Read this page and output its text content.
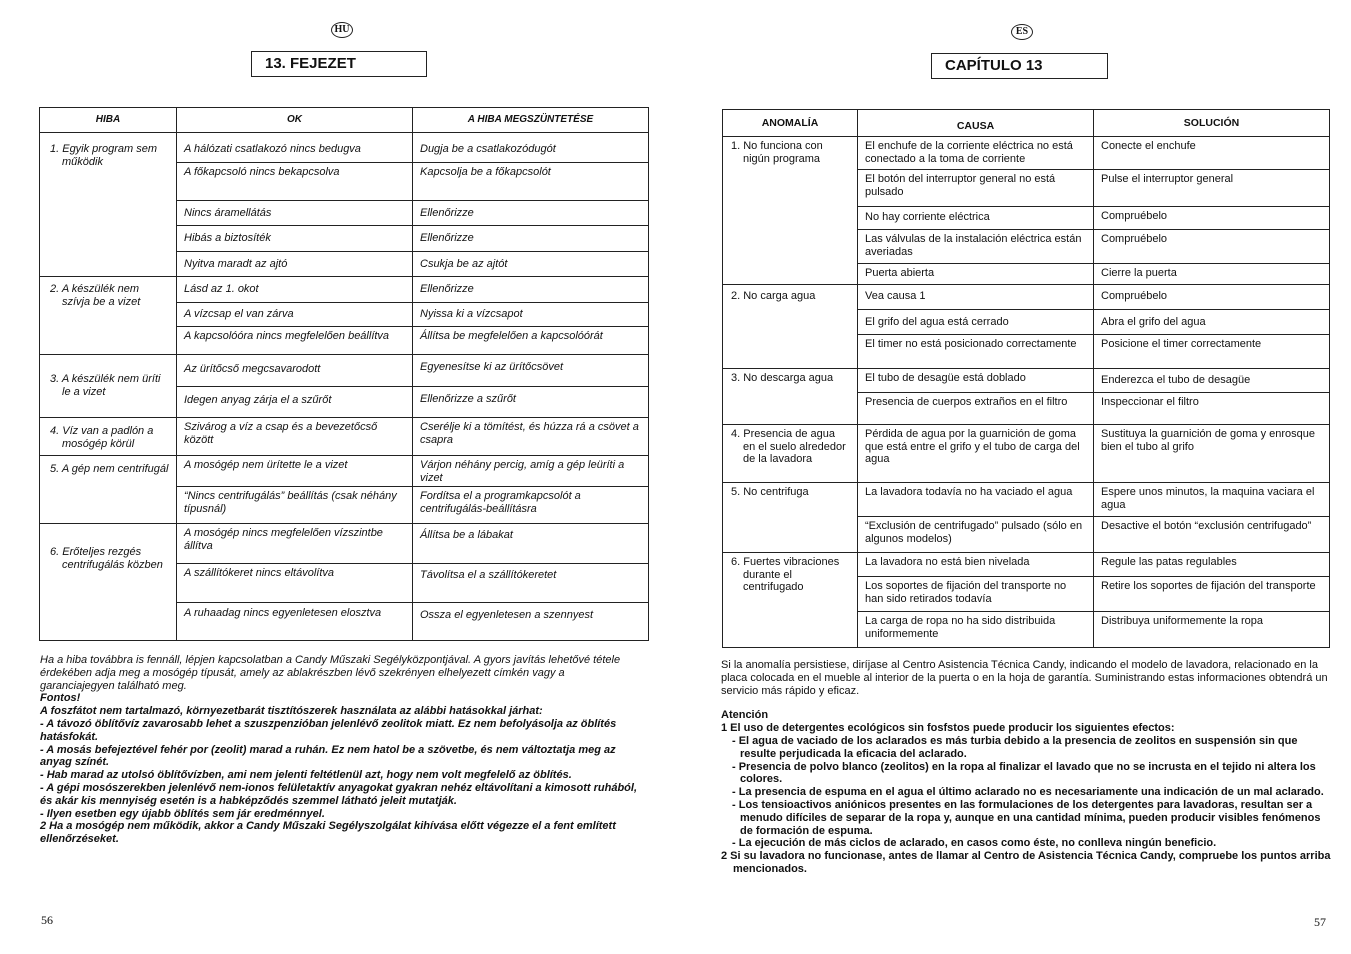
HU
13. FEJEZET
HIBA	OK	A HIBA MEGSZÜNTETÉSE

1. Egyik program sem működik	A hálózati csatlakozó nincs bedugva	Dugja be a csatlakozódugót
	A főkapcsoló nincs bekapcsolva	Kapcsolja be a főkapcsolót
	Nincs áramellátás	Ellenőrizze
	Hibás a biztosíték	Ellenőrizze
	Nyitva maradt az ajtó	Csukja be az ajtót

2. A készülék nem szívja be a vizet	Lásd az 1. okot	Ellenőrizze
	A vízcsap el van zárva	Nyissa ki a vízcsapot
	A kapcsolóóra nincs megfelelően beállítva	Állítsa be megfelelően a kapcsolóórát

3. A készülék nem üríti le a vizet	Az ürítőcső megcsavarodott	Egyenesítse ki az ürítőcsövet
	Idegen anyag zárja el a szűrőt	Ellenőrizze a szűrőt

4. Víz van a padlón a mosógép körül	Szivárog a víz a csap és a bevezetőcső között	Cserélje ki a tömítést, és húzza rá a csövet a csapra

5. A gép nem centrifugál	A mosógép nem ürítette le a vizet	Várjon néhány percig, amíg a gép leüríti a vizet
	“Nincs centrifugálás” beállítás (csak néhány típusnál)	Fordítsa el a programkapcsolót a centrifugálás-beállításra

6. Erőteljes rezgés centrifugálás közben	A mosógép nincs megfelelően vízszintbe állítva	Állítsa be a lábakat
	A szállítókeret nincs eltávolítva	Távolítsa el a szállítókeretet
	A ruhaadag nincs egyenletesen elosztva	Ossza el egyenletesen a szennyest

Ha a hiba továbbra is fennáll, lépjen kapcsolatban a Candy Műszaki Segélyközpontjával. A gyors javítás lehetővé tétele érdekében adja meg a mosógép típusát, amely az ablakrészben lévő szekrényen elhelyezett címkén vagy a garanciajegyen található meg.

Fontos!

A foszfátot nem tartalmazó, környezetbarát tisztítószerek használata az alábbi hatásokkal járhat:

- A távozó öblítővíz zavarosabb lehet a szuszpenzióban jelenlévő zeolitok miatt. Ez nem befolyásolja az öblítés hatásfokát.

- A mosás befejeztével fehér por (zeolit) marad a ruhán. Ez nem hatol be a szövetbe, és nem változtatja meg az anyag színét.

- Hab marad az utolsó öblítővízben, ami nem jelenti feltétlenül azt, hogy nem volt megfelelő az öblítés.

- A gépi mosószerekben jelenlévő nem-ionos felületaktív anyagokat gyakran nehéz eltávolítani a kimosott ruhából, és akár kis mennyiség esetén is a habképződés szemmel látható jeleit mutatják.

- Ilyen esetben egy újabb öblítés sem jár eredménnyel.

2 Ha a mosógép nem működik, akkor a Candy Műszaki Segélyszolgálat kihívása előtt végezze el a fent említett ellenőrzéseket.

56
ES
CAPÍTULO 13
ANOMALÍA	CAUSA	SOLUCIÓN

1. No funciona con nigún programa	El enchufe de la corriente eléctrica no está conectado a la toma de corriente	Conecte el enchufe
	El botón del interruptor general no está pulsado	Pulse el interruptor general
	No hay corriente eléctrica	Compruébelo
	Las válvulas de la instalación eléctrica están averiadas	Compruébelo
	Puerta abierta	Cierre la puerta

2. No carga agua	Vea causa 1	Compruébelo
	El grifo del agua está cerrado	Abra el grifo del agua
	El timer no está posicionado correctamente	Posicione el timer correctamente

3. No descarga agua	El tubo de desagüe está doblado	Enderezca el tubo de desagüe
	Presencia de cuerpos extraños en el filtro	Inspeccionar el filtro

4. Presencia de agua en el suelo alrededor de la lavadora	Pérdida de agua por la guarnición de goma que está entre el grifo y el tubo de carga del agua	Sustituya la guarnición de goma y enrosque bien el tubo al grifo

5. No centrifuga	La lavadora todavía no ha vaciado el agua	Espere unos minutos, la maquina vaciara el agua
	“Exclusión de centrifugado” pulsado (sólo en algunos modelos)	Desactive el botón “exclusión centrifugado”

6. Fuertes vibraciones durante el centrifugado	La lavadora no está bien nivelada	Regule las patas regulables
	Los soportes de fijación del transporte no han sido retirados todavía	Retire los soportes de fijación del transporte
	La carga de ropa no ha sido distribuida uniformemente	Distribuya uniformemente la ropa

Si la anomalía persistiese, diríjase al Centro Asistencia Técnica Candy, indicando el modelo de lavadora, relacionado en la placa colocada en el mueble al interior de la puerta o en la hoja de garantía. Suministrando estas informaciones obtendrá un servicio más rápido y eficaz.

Atención

1 El uso de detergentes ecológicos sin fosfstos puede producir los siguientes efectos:

- El agua de vaciado de los aclarados es más turbia debido a la presencia de zeolitos en suspensión sin que resulte perjudicada la eficacia del aclarado.

- Presencia de polvo blanco (zeolitos) en la ropa al finalizar el lavado que no se incrusta en el tejido ni altera los colores.

- La presencia de espuma en el agua el último aclarado no es necesariamente una indicación de un mal aclarado.

- Los tensioactivos aniónicos presentes en las formulaciones de los detergentes para lavadoras, resultan ser a menudo difíciles de separar de la ropa y, aunque en una cantidad mínima, pueden producir visibles fenómenos de formación de espuma.

- La ejecución de más ciclos de aclarado, en casos como éste, no conlleva ningún beneficio.

2 Si su lavadora no funcionase, antes de llamar al Centro de Asistencia Técnica Candy, compruebe los puntos arriba mencionados.

57
